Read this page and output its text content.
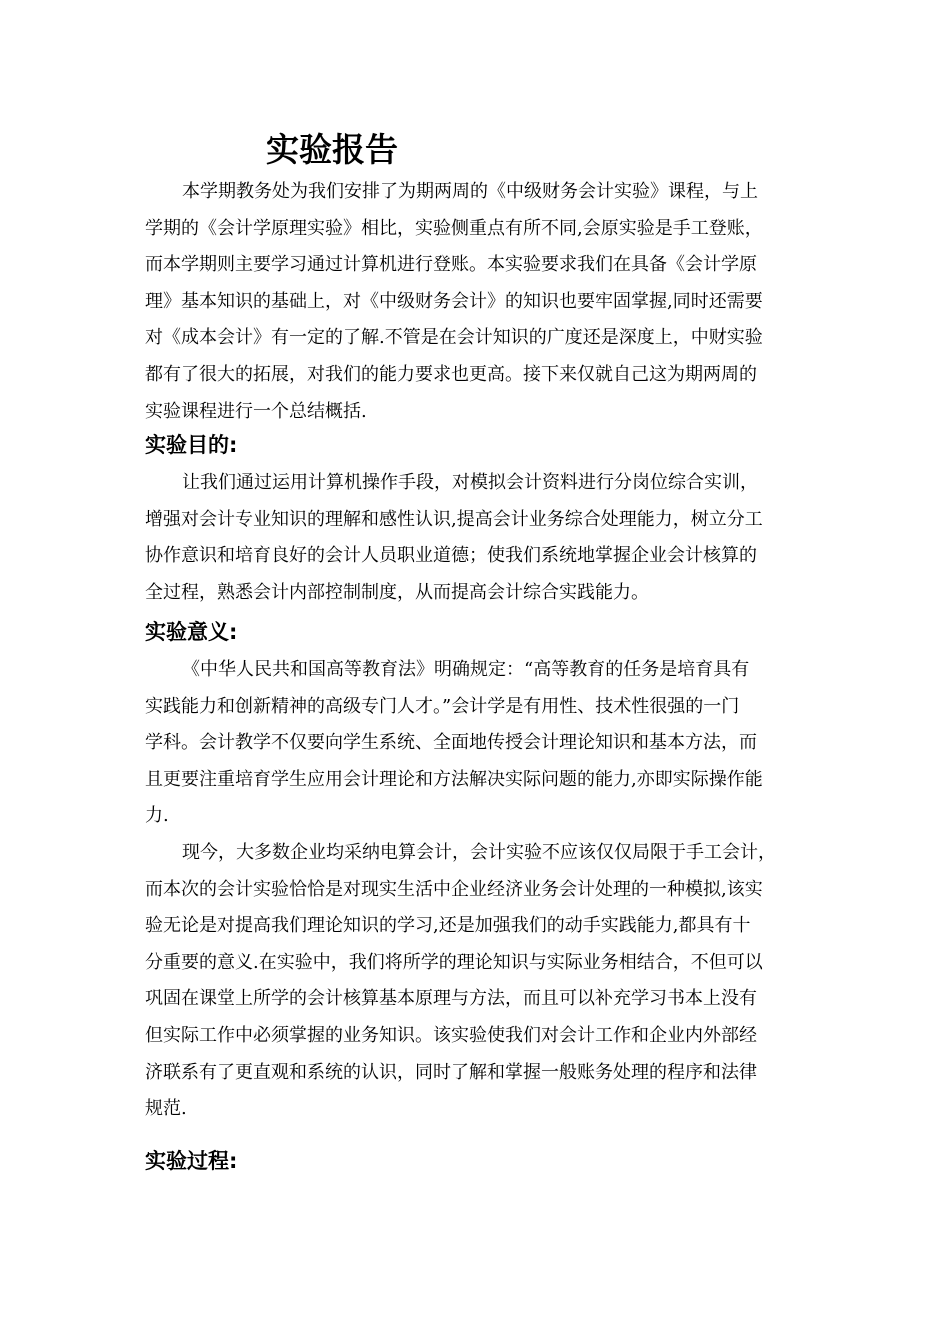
实验报告
本学期教务处为我们安排了为期两周的《中级财务会计实验》课程，与上
学期的《会计学原理实验》相比，实验侧重点有所不同,会原实验是手工登账，
而本学期则主要学习通过计算机进行登账。本实验要求我们在具备《会计学原
理》基本知识的基础上，对《中级财务会计》的知识也要牢固掌握,同时还需要
对《成本会计》有一定的了解.不管是在会计知识的广度还是深度上，中财实验
都有了很大的拓展，对我们的能力要求也更高。接下来仅就自己这为期两周的
实验课程进行一个总结概括.
实验目的:
让我们通过运用计算机操作手段，对模拟会计资料进行分岗位综合实训，
增强对会计专业知识的理解和感性认识,提高会计业务综合处理能力，树立分工
协作意识和培育良好的会计人员职业道德；使我们系统地掌握企业会计核算的
全过程，熟悉会计内部控制制度，从而提高会计综合实践能力。
实验意义:
《中华人民共和国高等教育法》明确规定：“高等教育的任务是培育具有
实践能力和创新精神的高级专门人才。”会计学是有用性、技术性很强的一门
学科。会计教学不仅要向学生系统、全面地传授会计理论知识和基本方法，而
且更要注重培育学生应用会计理论和方法解决实际问题的能力,亦即实际操作能
力.
现今，大多数企业均采纳电算会计，会计实验不应该仅仅局限于手工会计，
而本次的会计实验恰恰是对现实生活中企业经济业务会计处理的一种模拟,该实
验无论是对提高我们理论知识的学习,还是加强我们的动手实践能力,都具有十
分重要的意义.在实验中，我们将所学的理论知识与实际业务相结合，不但可以
巩固在课堂上所学的会计核算基本原理与方法，而且可以补充学习书本上没有
但实际工作中必须掌握的业务知识。该实验使我们对会计工作和企业内外部经
济联系有了更直观和系统的认识，同时了解和掌握一般账务处理的程序和法律
规范.
实验过程:
